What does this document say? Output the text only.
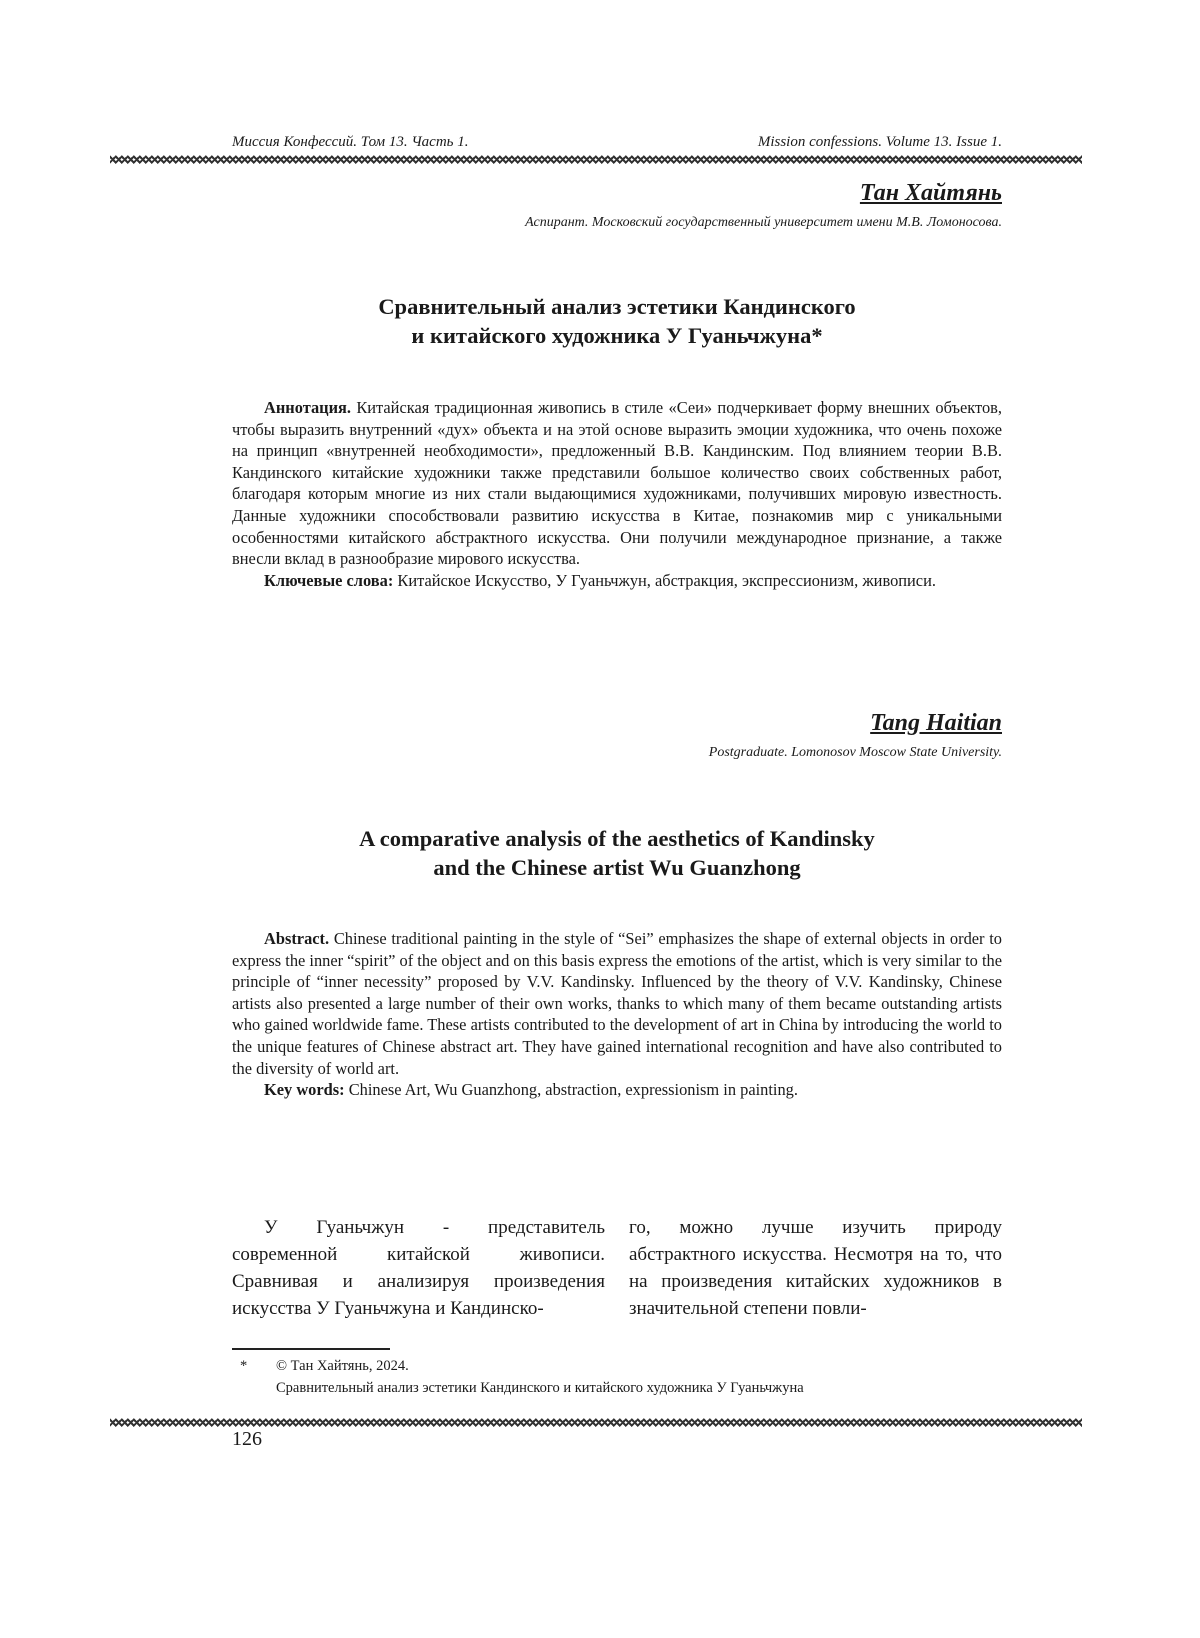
Миссия Конфессий. Том 13. Часть 1.	Mission confessions. Volume 13. Issue 1.
Тан Хайтянь
Аспирант. Московский государственный университет имени М.В. Ломоносова.
Сравнительный анализ эстетики Кандинского
и китайского художника У Гуаньчжуна*

Аннотация. Китайская традиционная живопись в стиле «Сеи» подчеркивает форму внешних объектов, чтобы выразить внутренний «дух» объекта и на этой основе выразить эмоции художника, что очень похоже на принцип «внутренней необходимости», предложенный В.В. Кандинским. Под влиянием теории В.В. Кандинского китайские художники также представили большое количество своих собственных работ, благодаря которым многие из них стали выдающимися художниками, получивших мировую известность. Данные художники способствовали развитию искусства в Китае, познакомив мир с уникальными особенностями китайского абстрактного искусства. Они получили международное признание, а также внесли вклад в разнообразие мирового искусства.

Ключевые слова: Китайское Искусство, У Гуаньчжун, абстракция, экспрессионизм, живописи.

Tang Haitian
Postgraduate. Lomonosov Moscow State University.
A comparative analysis of the aesthetics of Kandinsky
and the Chinese artist Wu Guanzhong

Abstract. Chinese traditional painting in the style of “Sei” emphasizes the shape of external objects in order to express the inner “spirit” of the object and on this basis express the emotions of the artist, which is very similar to the principle of “inner necessity” proposed by V.V. Kandinsky. Influenced by the theory of V.V. Kandinsky, Chinese artists also presented a large number of their own works, thanks to which many of them became outstanding artists who gained worldwide fame. These artists contributed to the development of art in China by introducing the world to the unique features of Chinese abstract art. They have gained international recognition and have also contributed to the diversity of world art.

Key words: Chinese Art, Wu Guanzhong, abstraction, expressionism in painting.

У Гуаньчжун - представитель современной китайской живописи. Сравнивая и анализируя произведения искусства У Гуаньчжуна и Кандинско-

го, можно лучше изучить природу абстрактного искусства. Несмотря на то, что на произведения китайских художников в значительной степени повли-

* © Тан Хайтянь, 2024.
Сравнительный анализ эстетики Кандинского и китайского художника У Гуаньчжуна
126
